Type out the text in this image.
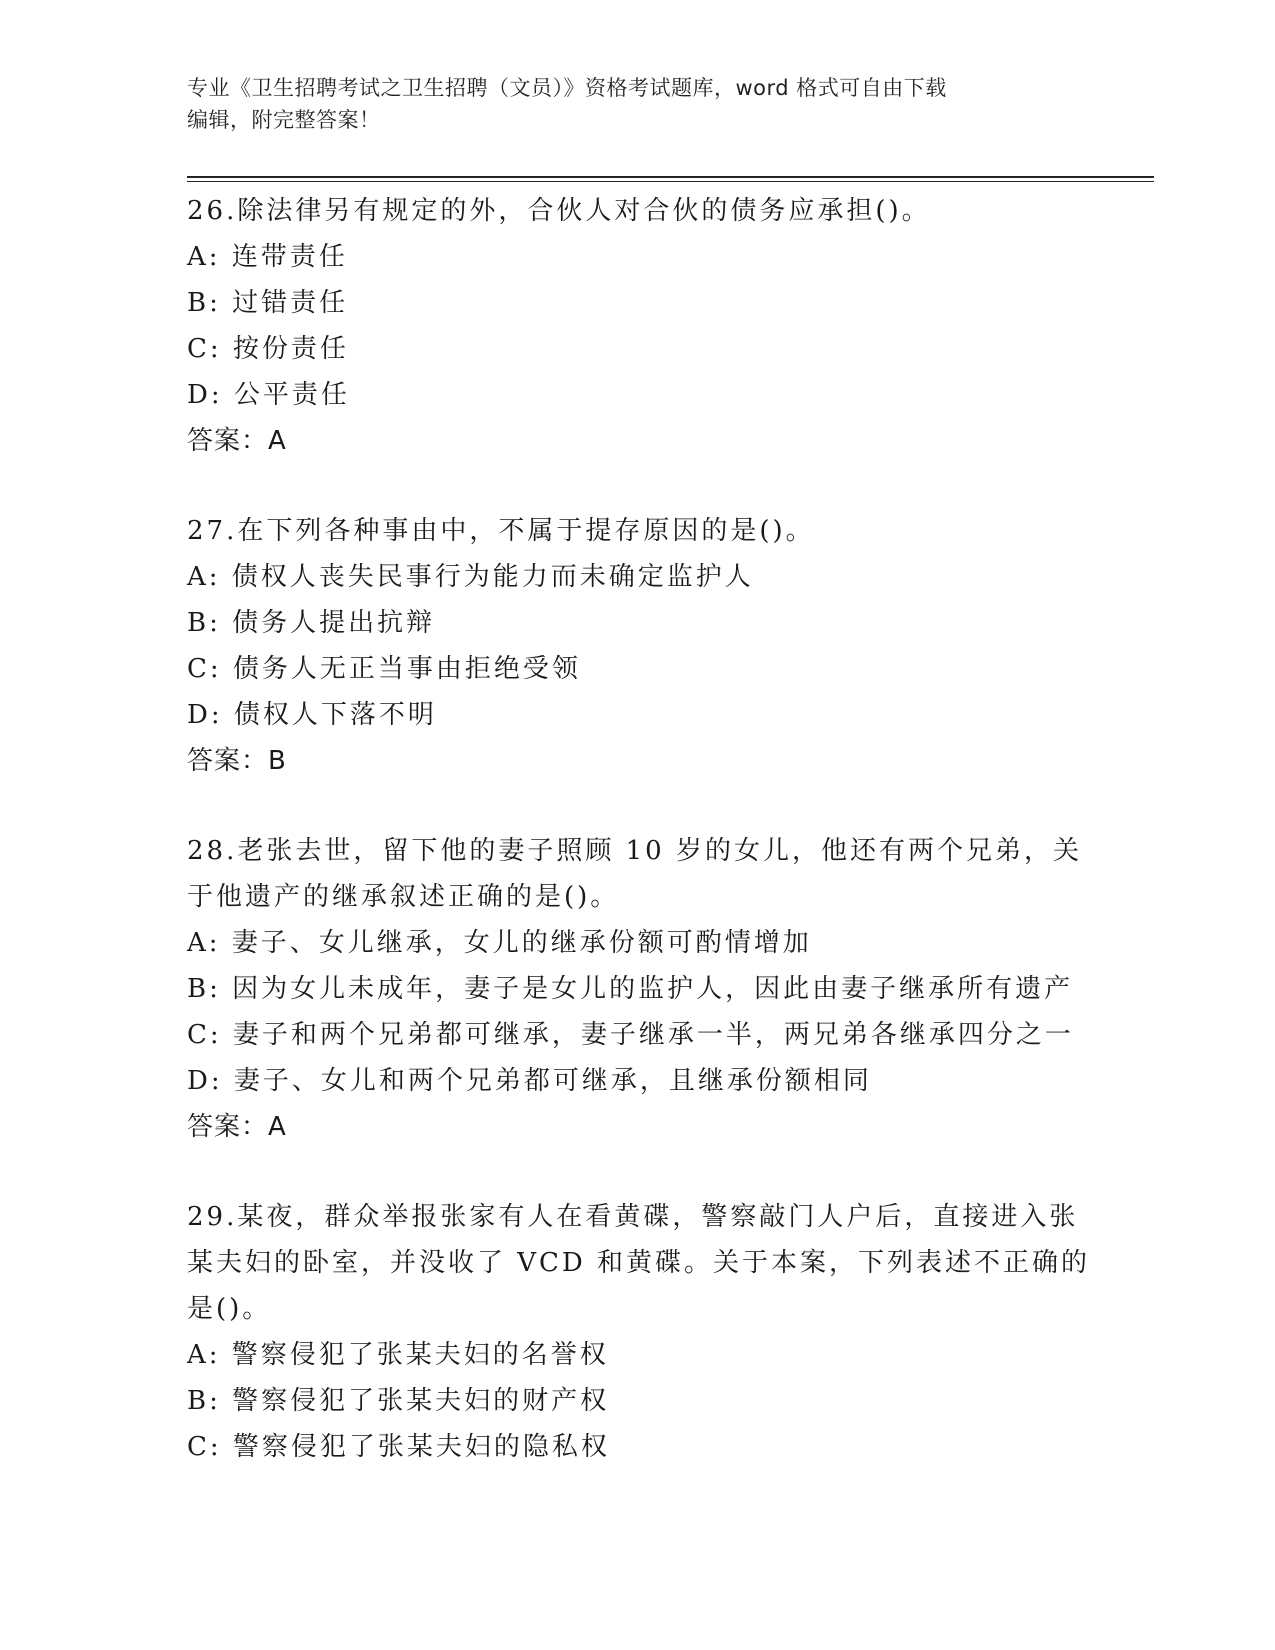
专业《卫生招聘考试之卫生招聘（文员）》资格考试题库，word 格式可自由下载
编辑，附完整答案！
26.除法律另有规定的外，合伙人对合伙的债务应承担()。
A: 连带责任
B: 过错责任
C: 按份责任
D: 公平责任
答案：A
27.在下列各种事由中，不属于提存原因的是()。
A: 债权人丧失民事行为能力而未确定监护人
B: 债务人提出抗辩
C: 债务人无正当事由拒绝受领
D: 债权人下落不明
答案：B
28.老张去世，留下他的妻子照顾 10 岁的女儿，他还有两个兄弟，关
于他遗产的继承叙述正确的是()。
A: 妻子、女儿继承，女儿的继承份额可酌情增加
B: 因为女儿未成年，妻子是女儿的监护人，因此由妻子继承所有遗产
C: 妻子和两个兄弟都可继承，妻子继承一半，两兄弟各继承四分之一
D: 妻子、女儿和两个兄弟都可继承，且继承份额相同
答案：A
29.某夜，群众举报张家有人在看黄碟，警察敲门人户后，直接进入张
某夫妇的卧室，并没收了 VCD 和黄碟。关于本案，下列表述不正确的
是()。
A: 警察侵犯了张某夫妇的名誉权
B: 警察侵犯了张某夫妇的财产权
C: 警察侵犯了张某夫妇的隐私权
